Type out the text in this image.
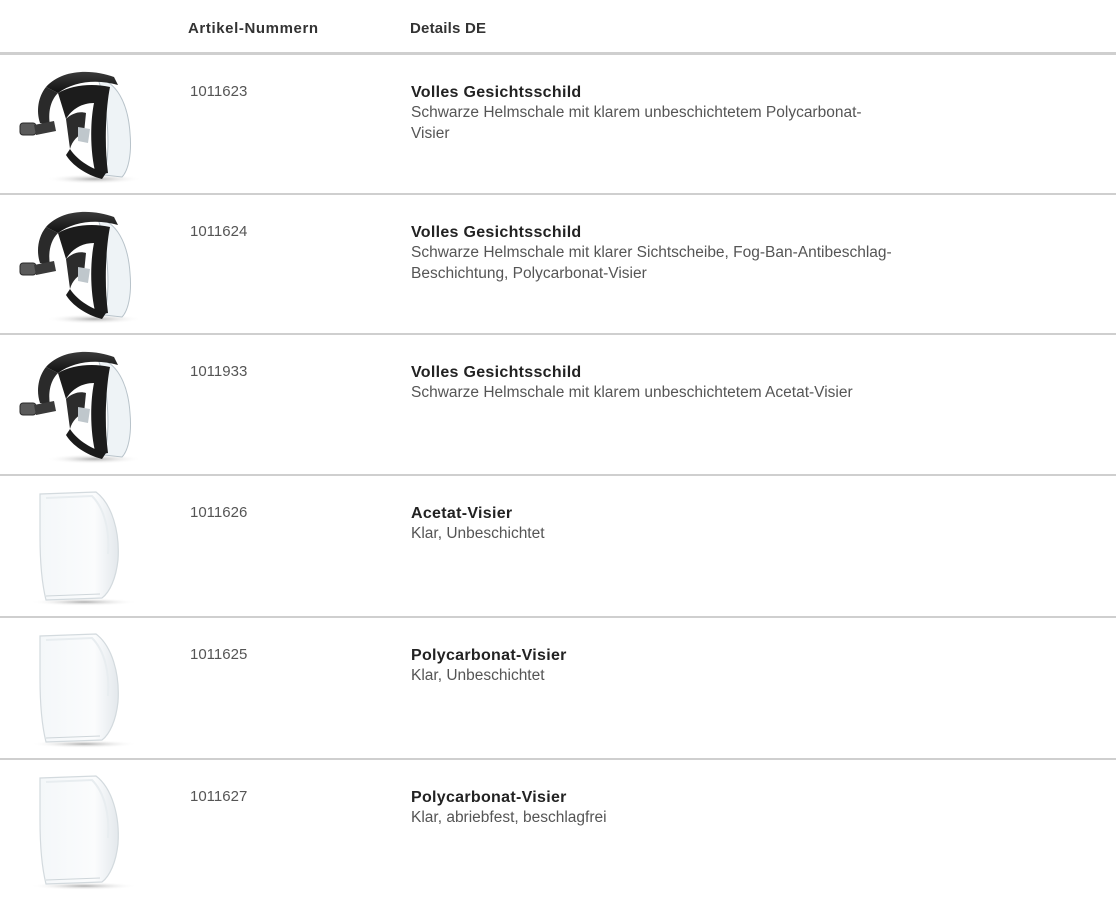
Artikel-Nummern	Details DE
1011623	Volles Gesichtsschild
Schwarze Helmschale mit klarem unbeschichtetem Polycarbonat-
Visier
1011624	Volles Gesichtsschild
Schwarze Helmschale mit klarer Sichtscheibe, Fog-Ban-Antibeschlag-
Beschichtung, Polycarbonat-Visier
1011933	Volles Gesichtsschild
Schwarze Helmschale mit klarem unbeschichtetem Acetat-Visier
1011626	Acetat-Visier
Klar, Unbeschichtet
1011625	Polycarbonat-Visier
Klar, Unbeschichtet
1011627	Polycarbonat-Visier
Klar, abriebfest, beschlagfrei
